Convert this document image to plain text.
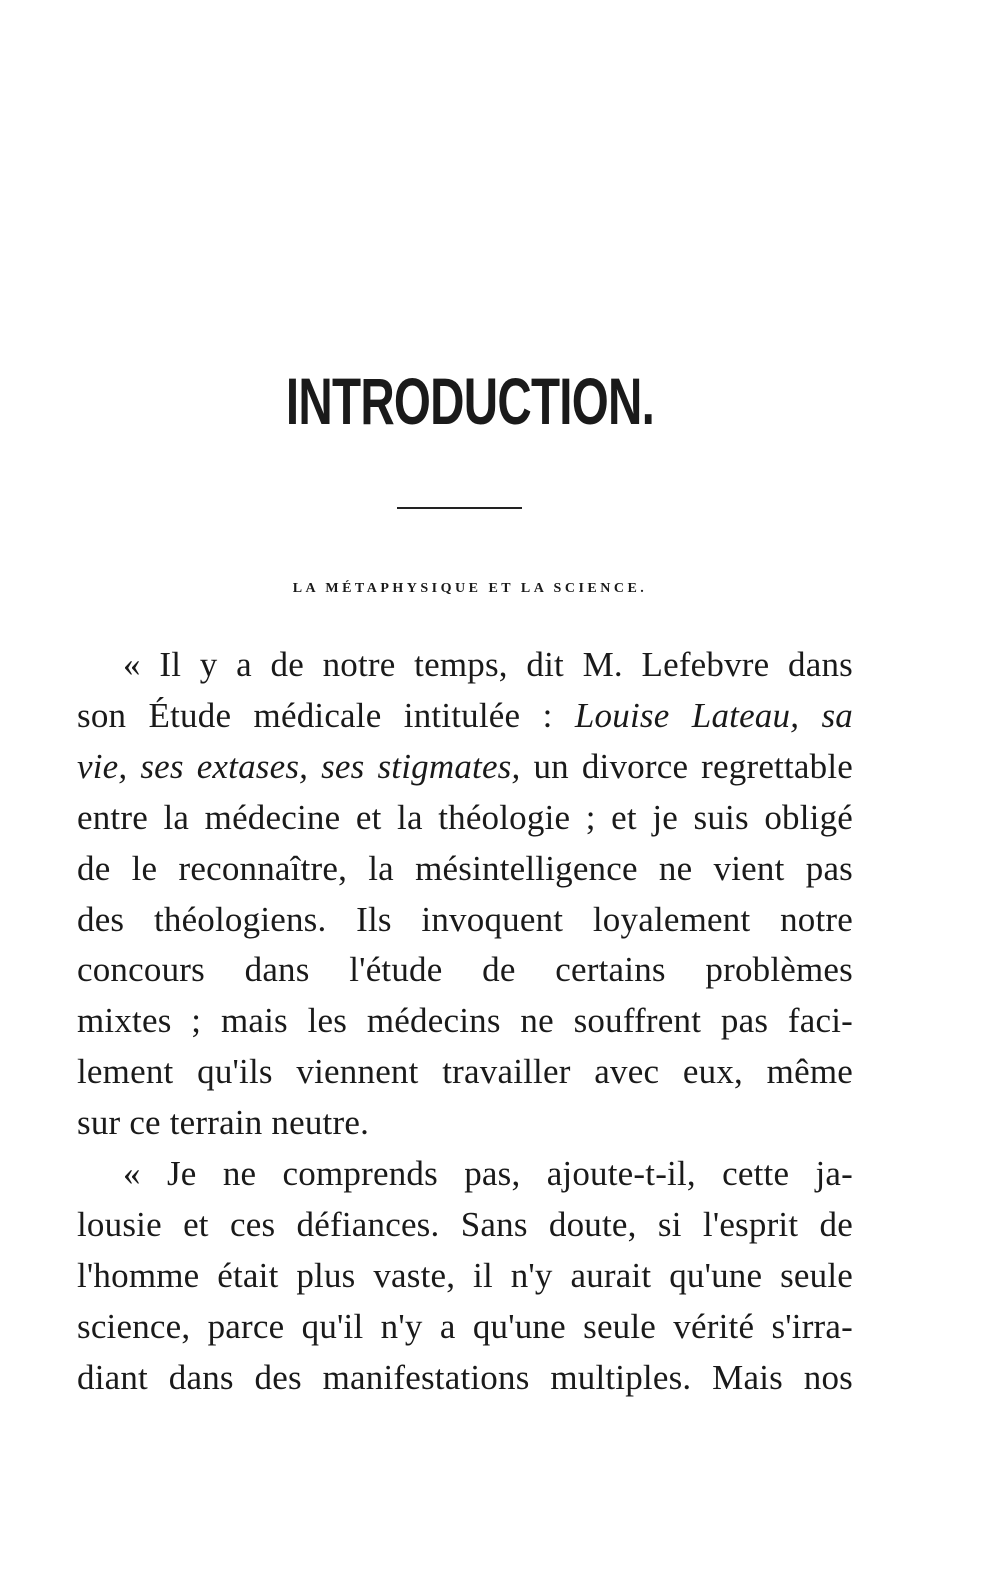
INTRODUCTION.
LA MÉTAPHYSIQUE ET LA SCIENCE.
« Il y a de notre temps, dit M. Lefebvre dans
son Étude médicale intitulée : Louise Lateau, sa
vie, ses extases, ses stigmates, un divorce regrettable
entre la médecine et la théologie ; et je suis obligé
de le reconnaître, la mésintelligence ne vient pas
des théologiens. Ils invoquent loyalement notre
concours dans l'étude de certains problèmes
mixtes ; mais les médecins ne souffrent pas faci-
lement qu'ils viennent travailler avec eux, même
sur ce terrain neutre.
« Je ne comprends pas, ajoute-t-il, cette ja-
lousie et ces défiances. Sans doute, si l'esprit de
l'homme était plus vaste, il n'y aurait qu'une seule
science, parce qu'il n'y a qu'une seule vérité s'irra-
diant dans des manifestations multiples. Mais nos
